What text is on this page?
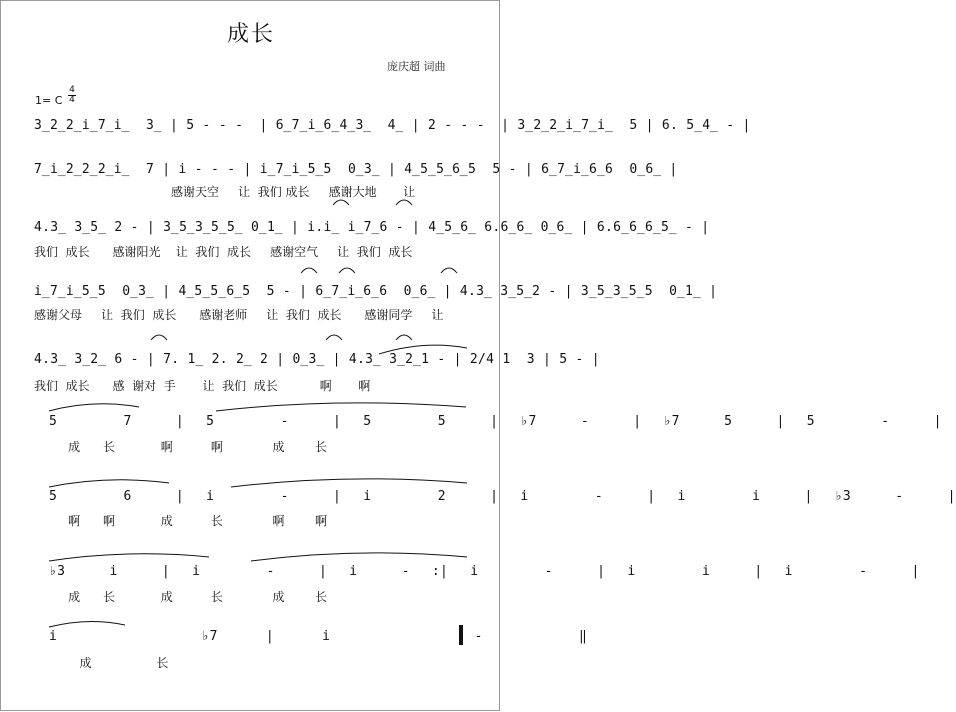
成长
庞庆超 词曲
1= C
4
4
3̲2̲2̲i̲7̲i̲  3̲ | 5 - - -  | 6̲7̲i̲6̲4̲3̲  4̲ | 2 - - -  | 3̲2̲2̲i̲7̲i̲  5 | 6. 5̲4̲ - |
7̲i̲2̲2̲2̲i̲  7 | i - - - | i̲7̲i̲5̲5  0̲3̲ | 4̲5̲5̲6̲5  5 - | 6̲7̲i̲6̲6  0̲6̲ |
感谢天空     让  我们 成长     感谢大地       让
4.3̲ 3̲5̲ 2 - | 3̲5̲3̲5̲5̲ 0̲1̲ | i.i̲ i̲7̲6 - | 4̲5̲6̲ 6.6̲6̲ 0̲6̲ | 6.6̲6̲6̲5̲ - |
我们  成长      感谢阳光    让  我们  成长     感谢空气     让  我们  成长
i̲7̲i̲5̲5  0̲3̲ | 4̲5̲5̲6̲5  5 - | 6̲7̲i̲6̲6  0̲6̲ | 4.3̲ 3̲5̲2 - | 3̲5̲3̲5̲5  0̲1̲ |
感谢父母     让  我们  成长      感谢老师     让  我们  成长      感谢同学     让
4.3̲ 3̲2̲ 6 - | 7. 1̲ 2. 2̲ 2 | 0̲3̲ | 4.3̲ 3̲2̲1 - | 2/4 1  3 | 5 - |
我们  成长      感  谢对  手       让  我们  成长           啊       啊
5   7  | 5   -  | 5   5  | ♭7  -  | ♭7  5  | 5   -  |
成      长            啊          啊             成        长
5   6  | i   -  | i   2  | i   -  | i   i  | ♭3  -  |
啊      啊            成          长             啊        啊
♭3  i  | i   -  | i  - :| i   -  | i   i  | i   -  |
成      长            成          长             成        长
i   ♭7 | i   -  ‖
成                 长
